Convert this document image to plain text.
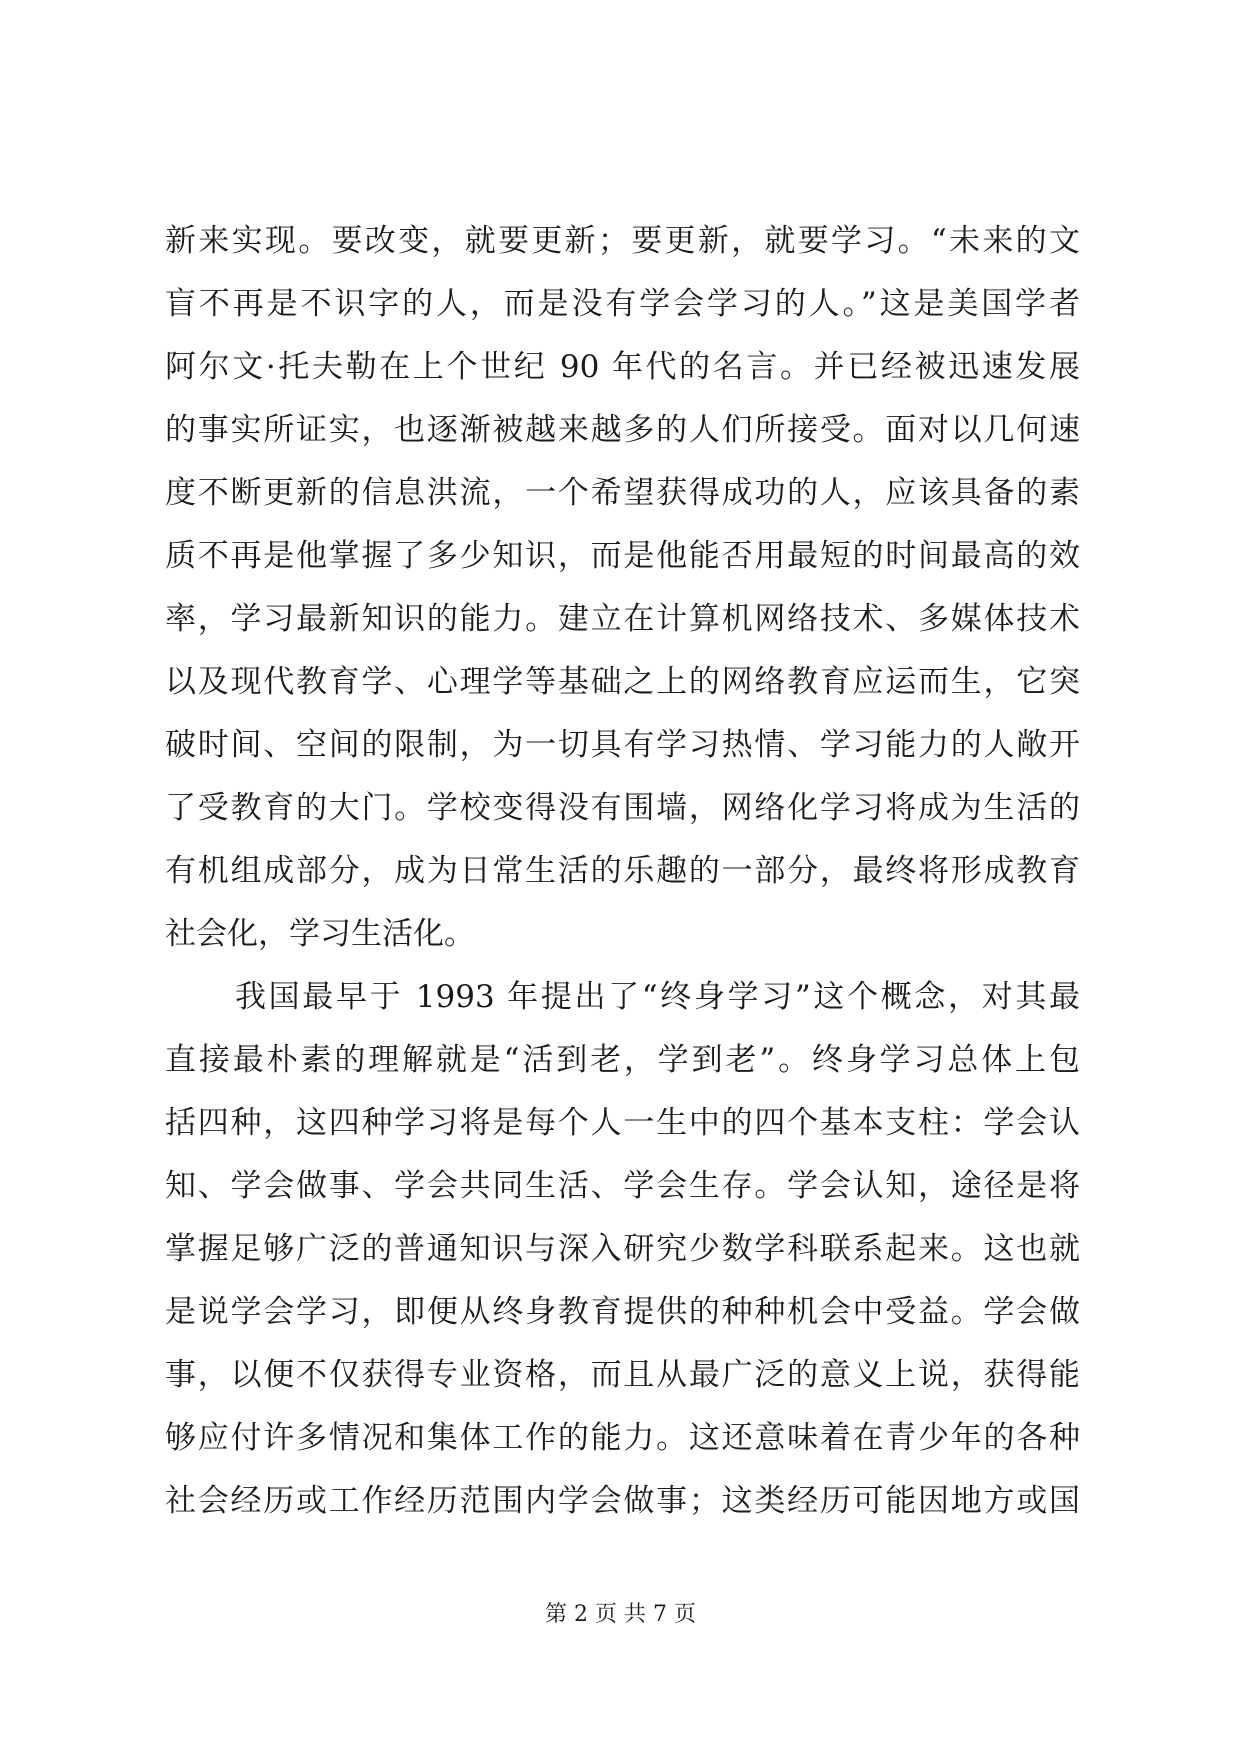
新来实现。要改变，就要更新；要更新，就要学习。“未来的文
盲不再是不识字的人，而是没有学会学习的人。”这是美国学者
阿尔文·托夫勒在上个世纪 90 年代的名言。并已经被迅速发展
的事实所证实，也逐渐被越来越多的人们所接受。面对以几何速
度不断更新的信息洪流，一个希望获得成功的人，应该具备的素
质不再是他掌握了多少知识，而是他能否用最短的时间最高的效
率，学习最新知识的能力。建立在计算机网络技术、多媒体技术
以及现代教育学、心理学等基础之上的网络教育应运而生，它突
破时间、空间的限制，为一切具有学习热情、学习能力的人敞开
了受教育的大门。学校变得没有围墙，网络化学习将成为生活的
有机组成部分，成为日常生活的乐趣的一部分，最终将形成教育
社会化，学习生活化。
我国最早于 1993 年提出了“终身学习”这个概念，对其最
直接最朴素的理解就是“活到老，学到老”。终身学习总体上包
括四种，这四种学习将是每个人一生中的四个基本支柱：学会认
知、学会做事、学会共同生活、学会生存。学会认知，途径是将
掌握足够广泛的普通知识与深入研究少数学科联系起来。这也就
是说学会学习，即便从终身教育提供的种种机会中受益。学会做
事，以便不仅获得专业资格，而且从最广泛的意义上说，获得能
够应付许多情况和集体工作的能力。这还意味着在青少年的各种
社会经历或工作经历范围内学会做事；这类经历可能因地方或国
第 2 页 共 7 页
